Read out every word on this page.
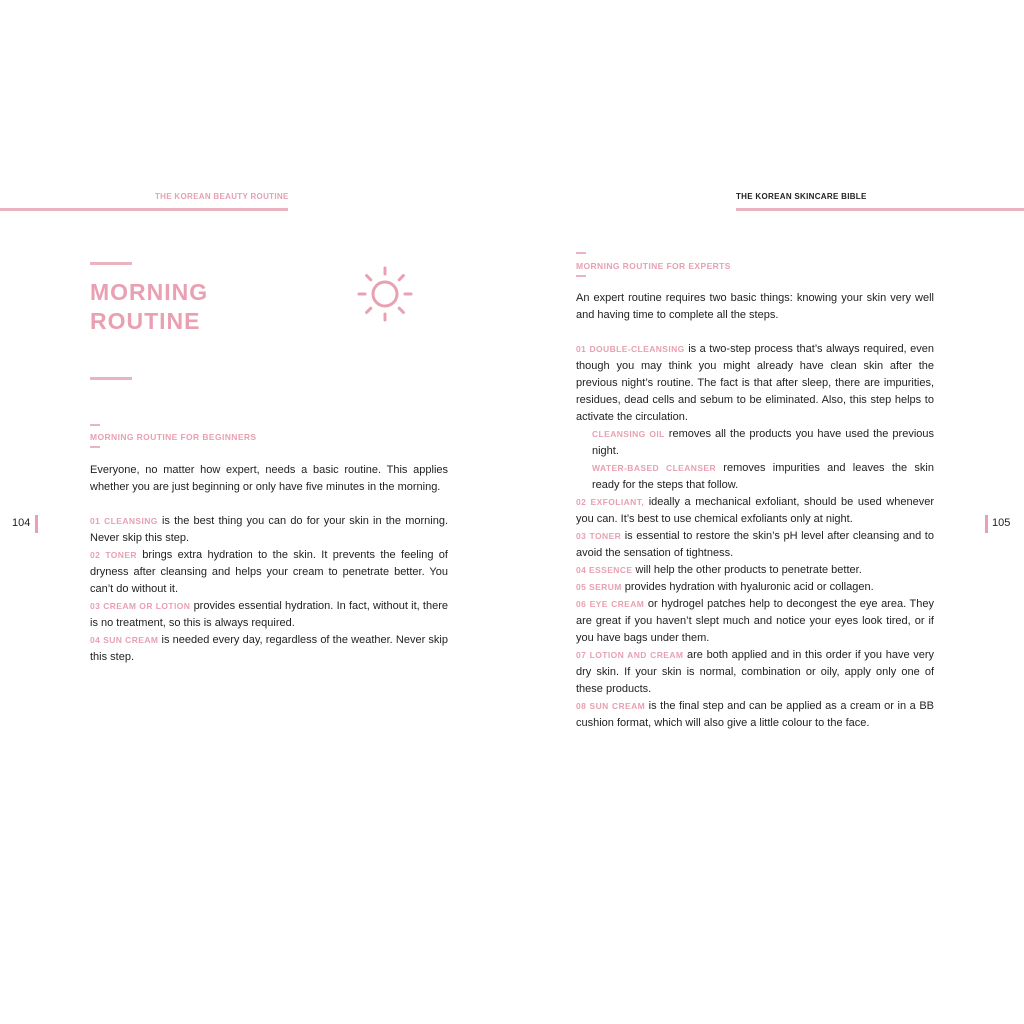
THE KOREAN BEAUTY ROUTINE
MORNING
ROUTINE
MORNING ROUTINE FOR BEGINNERS

Everyone, no matter how expert, needs a basic routine. This applies whether you are just beginning or only have five minutes in the morning.

01 CLEANSING is the best thing you can do for your skin in the morning. Never skip this step.

02 TONER brings extra hydration to the skin. It prevents the feeling of dryness after cleansing and helps your cream to penetrate better. You can’t do without it.

03 CREAM OR LOTION provides essential hydration. In fact, without it, there is no treatment, so this is always required.

04 SUN CREAM is needed every day, regardless of the weather. Never skip this step.

104
THE KOREAN SKINCARE BIBLE
MORNING ROUTINE FOR EXPERTS

An expert routine requires two basic things: knowing your skin very well and having time to complete all the steps.

01 DOUBLE-CLEANSING is a two-step process that’s always required, even though you may think you might already have clean skin after the previous night’s routine. The fact is that after sleep, there are impurities, residues, dead cells and sebum to be eliminated. Also, this step helps to activate the circulation.

CLEANSING OIL removes all the products you have used the previous night.

WATER-BASED CLEANSER removes impurities and leaves the skin ready for the steps that follow.

02 EXFOLIANT, ideally a mechanical exfoliant, should be used whenever you can. It’s best to use chemical exfoliants only at night.

03 TONER is essential to restore the skin’s pH level after cleansing and to avoid the sensation of tightness.

04 ESSENCE will help the other products to penetrate better.

05 SERUM provides hydration with hyaluronic acid or collagen.

06 EYE CREAM or hydrogel patches help to decongest the eye area. They are great if you haven’t slept much and notice your eyes look tired, or if you have bags under them.

07 LOTION AND CREAM are both applied and in this order if you have very dry skin. If your skin is normal, combination or oily, apply only one of these products.

08 SUN CREAM is the final step and can be applied as a cream or in a BB cushion format, which will also give a little colour to the face.

105
